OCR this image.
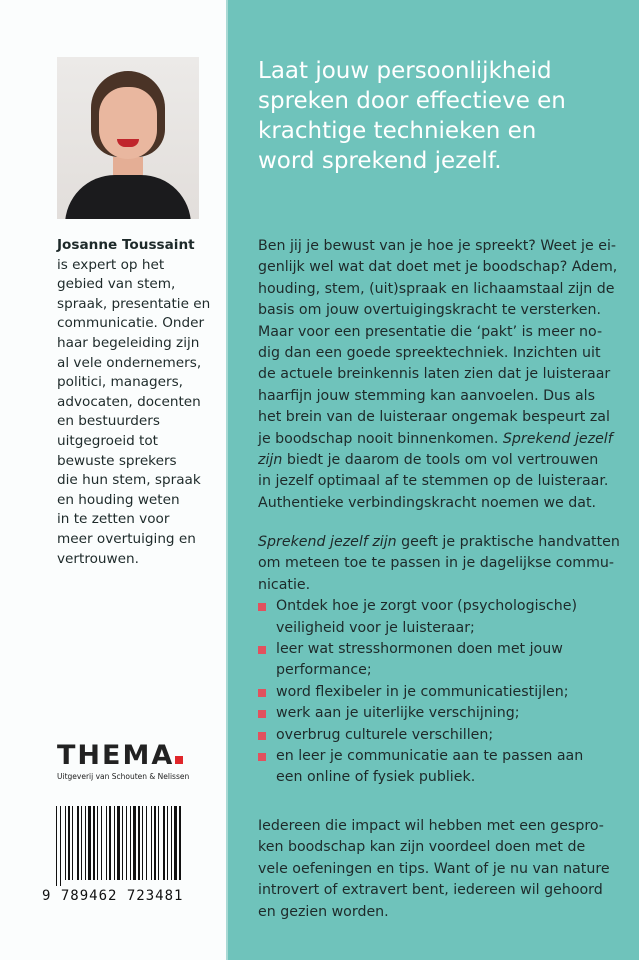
Josanne Toussaint
is expert op het
gebied van stem,
spraak, presentatie en
communicatie. Onder
haar begeleiding zijn
al vele ondernemers,
politici, managers,
advocaten, docenten
en bestuurders
uitgegroeid tot
bewuste sprekers
die hun stem, spraak
en houding weten
in te zetten voor
meer overtuiging en
vertrouwen.
THEMA
Uitgeverij van Schouten & Nelissen
9 789462 723481
Laat jouw persoonlijkheid
spreken door effectieve en
krachtige technieken en
word sprekend jezelf.
Ben jij je bewust van je hoe je spreekt? Weet je ei-
genlijk wel wat dat doet met je boodschap? Adem,
houding, stem, (uit)spraak en lichaamstaal zijn de
basis om jouw overtuigingskracht te versterken.
Maar voor een presentatie die ‘pakt’ is meer no-
dig dan een goede spreektechniek. Inzichten uit
de actuele breinkennis laten zien dat je luisteraar
haarfijn jouw stemming kan aanvoelen. Dus als
het brein van de luisteraar ongemak bespeurt zal
je boodschap nooit binnenkomen. Sprekend jezelf
zijn biedt je daarom de tools om vol vertrouwen
in jezelf optimaal af te stemmen op de luisteraar.
Authentieke verbindingskracht noemen we dat.
Sprekend jezelf zijn geeft je praktische handvatten
om meteen toe te passen in je dagelijkse commu-
nicatie.
Ontdek hoe je zorgt voor (psychologische)
veiligheid voor je luisteraar;
leer wat stresshormonen doen met jouw
performance;
word flexibeler in je communicatiestijlen;
werk aan je uiterlijke verschijning;
overbrug culturele verschillen;
en leer je communicatie aan te passen aan
een online of fysiek publiek.
Iedereen die impact wil hebben met een gespro-
ken boodschap kan zijn voordeel doen met de
vele oefeningen en tips. Want of je nu van nature
introvert of extravert bent, iedereen wil gehoord
en gezien worden.
